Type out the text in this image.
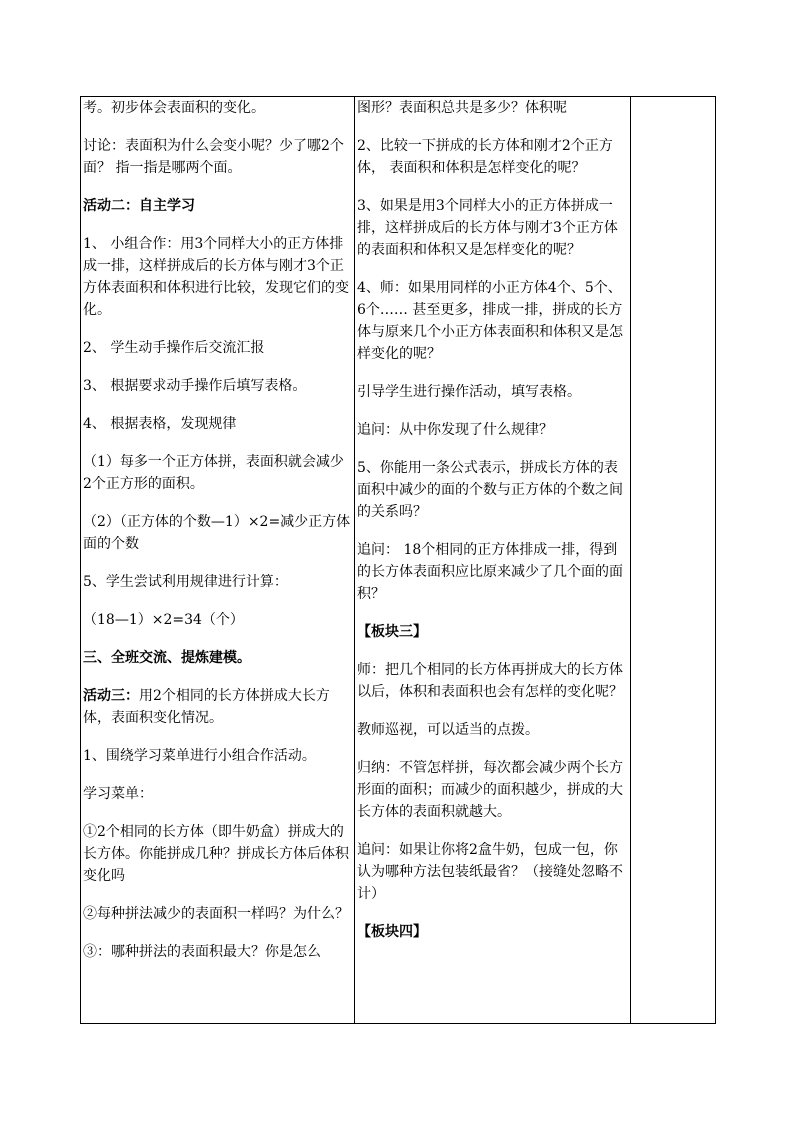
考。初步体会表面积的变化。

讨论：表面积为什么会变小呢？少了哪2个面？ 指一指是哪两个面。

活动二：自主学习

1、 小组合作：用3个同样大小的正方体排成一排，这样拼成后的长方体与刚才3个正方体表面积和体积进行比较，发现它们的变化。

2、 学生动手操作后交流汇报

3、 根据要求动手操作后填写表格。

4、 根据表格，发现规律

（1）每多一个正方体拼，表面积就会减少2个正方形的面积。

（2）（正方体的个数—1）×2=减少正方体面的个数

5、学生尝试利用规律进行计算：

（18—1）×2=34（个）

三、全班交流、提炼建模。

活动三：用2个相同的长方体拼成大长方体，表面积变化情况。

1、围绕学习菜单进行小组合作活动。

学习菜单：

①2个相同的长方体（即牛奶盒）拼成大的长方体。你能拼成几种？拼成长方体后体积变化吗

②每种拼法减少的表面积一样吗？为什么？

③：哪种拼法的表面积最大？你是怎么

图形？表面积总共是多少？体积呢

2、比较一下拼成的长方体和刚才2个正方体， 表面积和体积是怎样变化的呢？

3、如果是用3个同样大小的正方体拼成一排，这样拼成后的长方体与刚才3个正方体的表面积和体积又是怎样变化的呢？

4、师：如果用同样的小正方体4个、5个、6个…… 甚至更多，排成一排，拼成的长方体与原来几个小正方体表面积和体积又是怎样变化的呢？

引导学生进行操作活动，填写表格。

追问：从中你发现了什么规律？

5、你能用一条公式表示，拼成长方体的表面积中减少的面的个数与正方体的个数之间的关系吗？

追问： 18个相同的正方体排成一排，得到的长方体表面积应比原来减少了几个面的面积？

【板块三】

师：把几个相同的长方体再拼成大的长方体以后，体积和表面积也会有怎样的变化呢？

教师巡视，可以适当的点拨。

归纳：不管怎样拼，每次都会减少两个长方形面的面积；而减少的面积越少，拼成的大长方体的表面积就越大。

追问：如果让你将2盒牛奶，包成一包，你认为哪种方法包装纸最省？（接缝处忽略不计）

【板块四】
